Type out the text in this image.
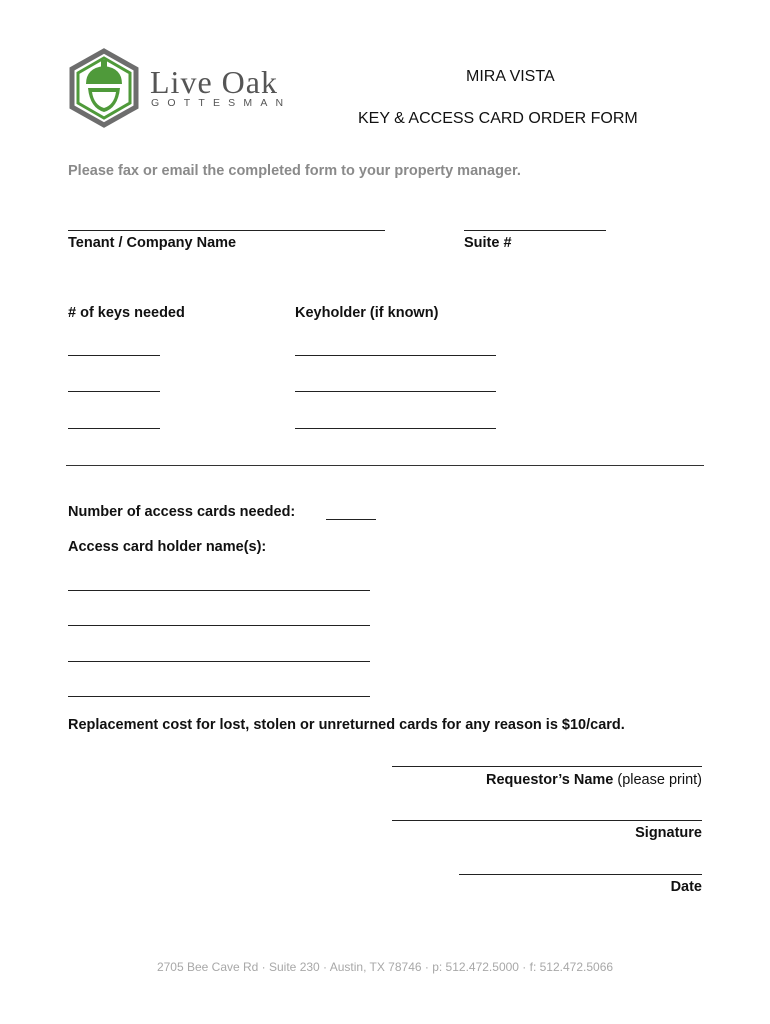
Live Oak
GOTTESMAN
MIRA VISTA
KEY & ACCESS CARD ORDER FORM
Please fax or email the completed form to your property manager.
Tenant / Company Name	Suite #
# of keys needed	Keyholder (if known)
Number of access cards needed:
Access card holder name(s):
Replacement cost for lost, stolen or unreturned cards for any reason is $10/card.
Requestor’s Name (please print)
Signature
Date
2705 Bee Cave Rd · Suite 230 · Austin, TX 78746 · p: 512.472.5000 · f: 512.472.5066
